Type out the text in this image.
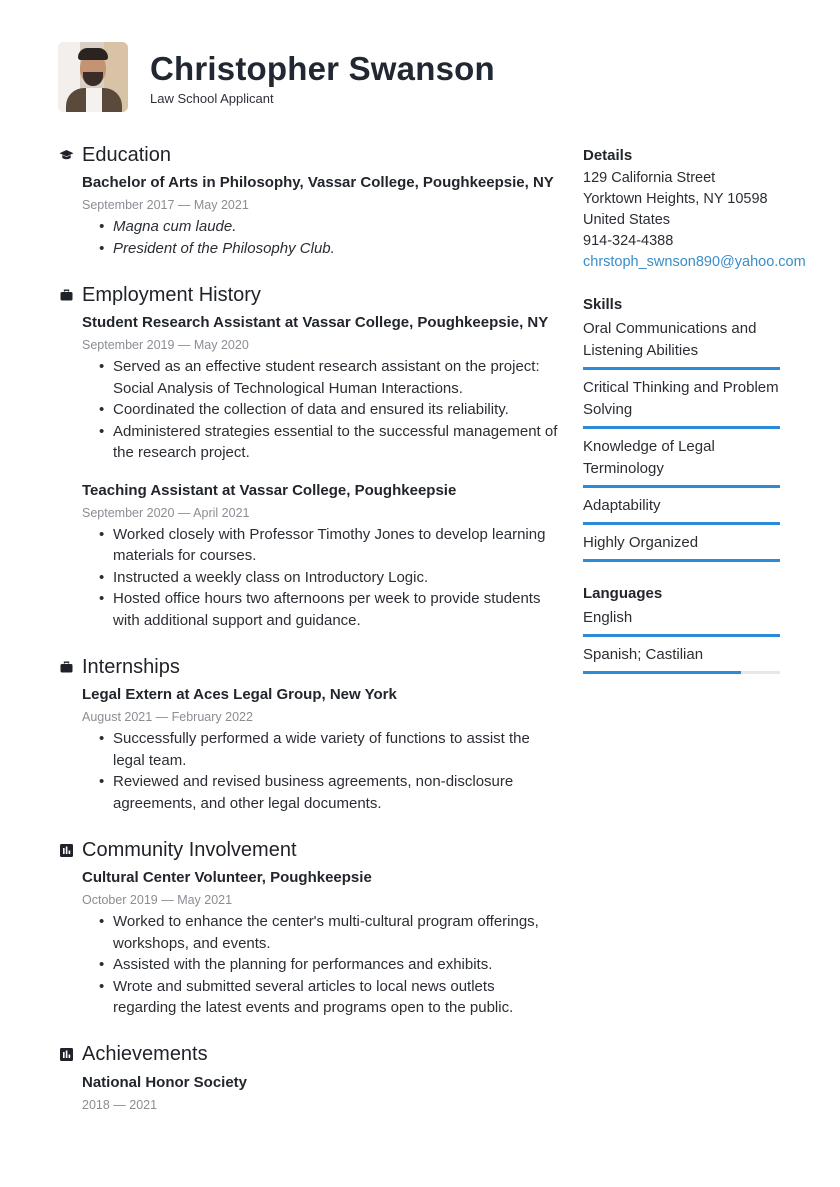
Christopher Swanson
Law School Applicant
Education
Bachelor of Arts in Philosophy, Vassar College, Poughkeepsie, NY
September 2017 — May 2021
• Magna cum laude.
• President of the Philosophy Club.
Employment History
Student Research Assistant at Vassar College, Poughkeepsie, NY
September 2019 — May 2020
• Served as an effective student research assistant on the project: Social Analysis of Technological Human Interactions.
• Coordinated the collection of data and ensured its reliability.
• Administered strategies essential to the successful management of the research project.
Teaching Assistant at Vassar College, Poughkeepsie
September 2020 — April 2021
• Worked closely with Professor Timothy Jones to develop learning materials for courses.
• Instructed a weekly class on Introductory Logic.
• Hosted office hours two afternoons per week to provide students with additional support and guidance.
Internships
Legal Extern at Aces Legal Group, New York
August 2021 — February 2022
• Successfully performed a wide variety of functions to assist the legal team.
• Reviewed and revised business agreements, non-disclosure agreements, and other legal documents.
Community Involvement
Cultural Center Volunteer, Poughkeepsie
October 2019 — May 2021
• Worked to enhance the center's multi-cultural program offerings, workshops, and events.
• Assisted with the planning for performances and exhibits.
• Wrote and submitted several articles to local news outlets regarding the latest events and programs open to the public.
Achievements
National Honor Society
2018 — 2021
Details
129 California Street
Yorktown Heights, NY 10598
United States
914-324-4388
chrstoph_swnson890@yahoo.com
Skills
Oral Communications and Listening Abilities
Critical Thinking and Problem Solving
Knowledge of Legal Terminology
Adaptability
Highly Organized
Languages
English
Spanish; Castilian
